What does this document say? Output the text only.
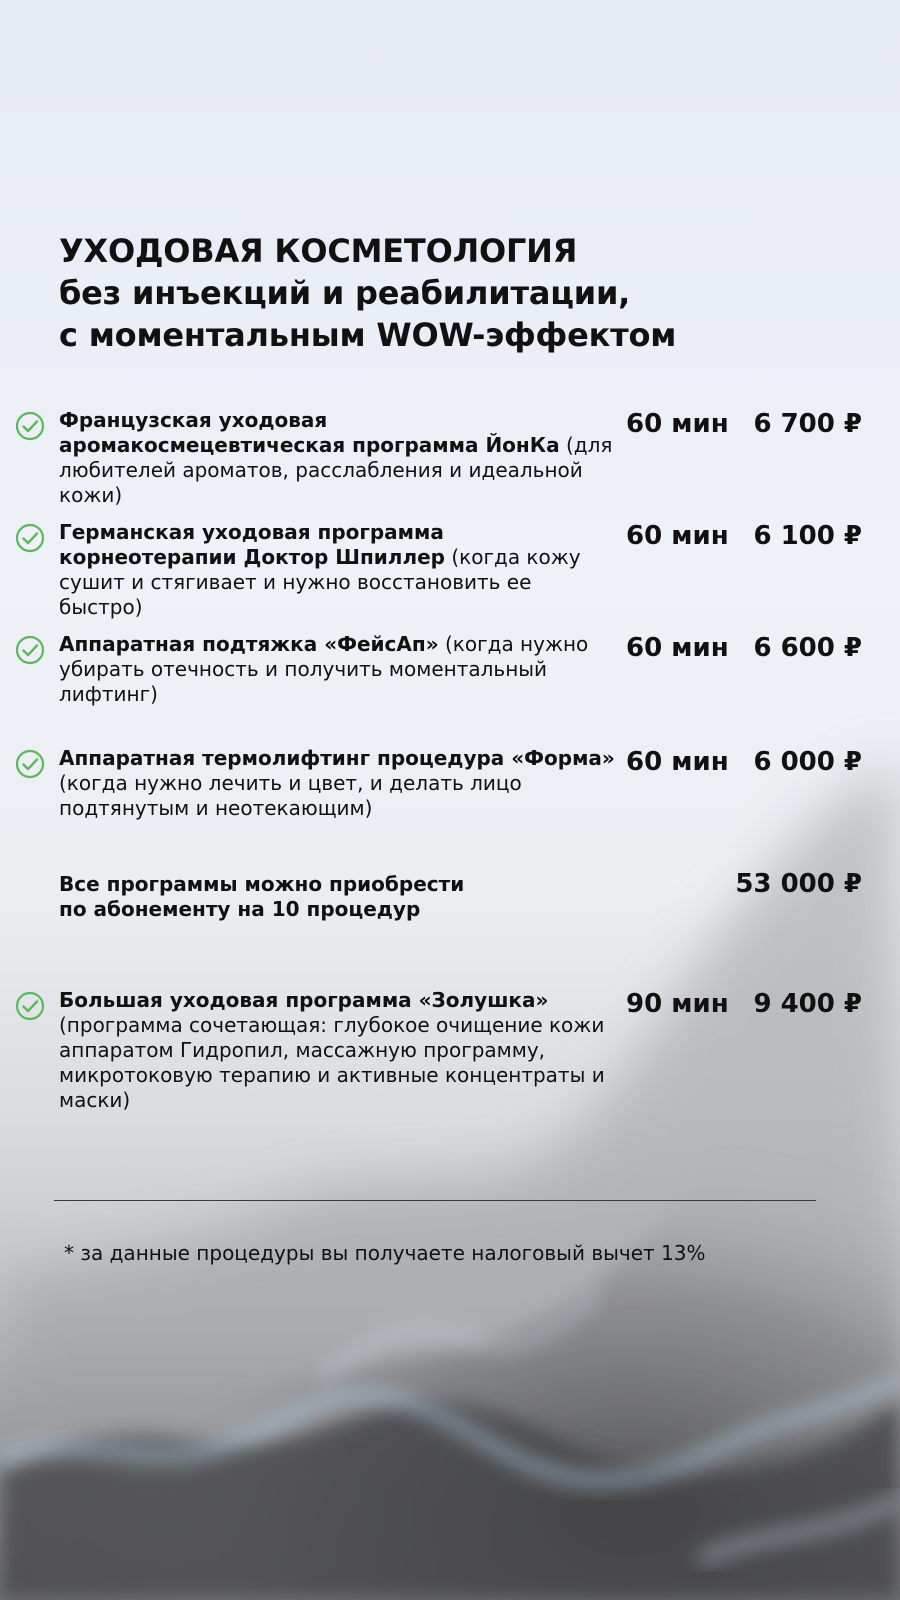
УХОДОВАЯ КОСМЕТОЛОГИЯ
без инъекций и реабилитации,
с моментальным WOW-эффектом
Французская уходовая аромакосмецевтическая программа ЙонКа (для любителей ароматов, расслабления и идеальной кожи)
60 мин 6 700 ₽
Германская уходовая программа корнеотерапии Доктор Шпиллер (когда кожу сушит и стягивает и нужно восстановить ее быстро)
60 мин 6 100 ₽
Аппаратная подтяжка «ФейсАп» (когда нужно убирать отечность и получить моментальный лифтинг)
60 мин 6 600 ₽
Аппаратная термолифтинг процедура «Форма» (когда нужно лечить и цвет, и делать лицо подтянутым и неотекающим)
60 мин 6 000 ₽
Все программы можно приобрести по абонементу на 10 процедур
53 000 ₽
Большая уходовая программа «Золушка» (программа сочетающая: глубокое очищение кожи аппаратом Гидропил, массажную программу, микротоковую терапию и активные концентраты и маски)
90 мин 9 400 ₽
* за данные процедуры вы получаете налоговый вычет 13%
